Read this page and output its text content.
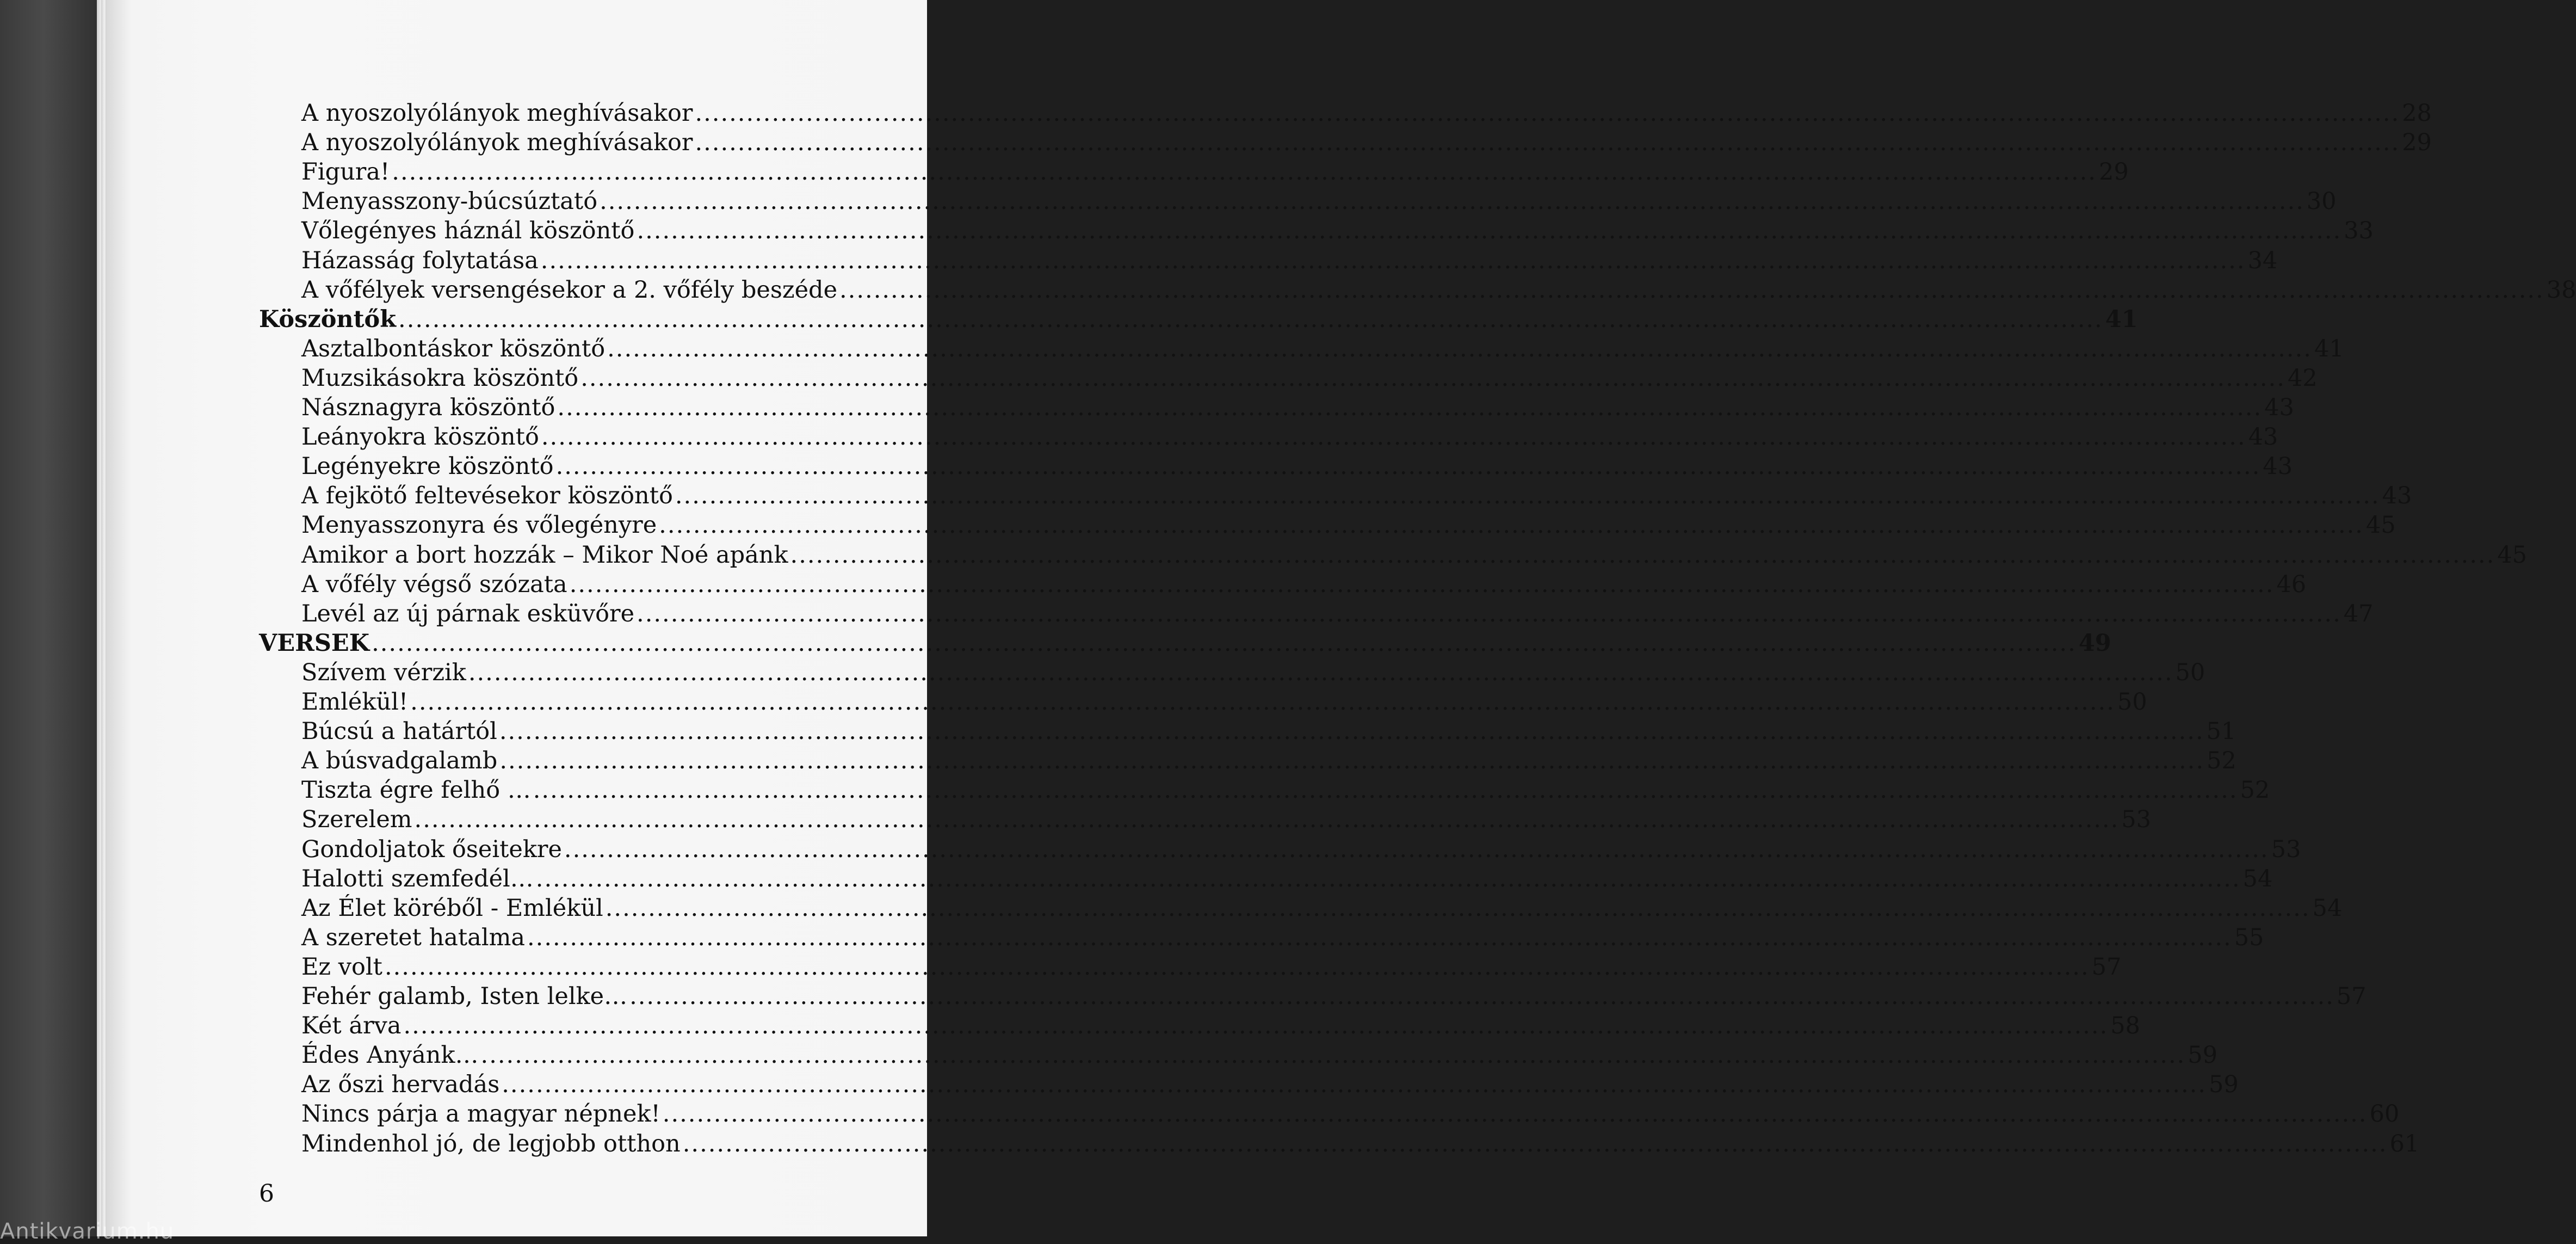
A nyoszolyólányok meghívásakor .....	28
A nyoszolyólányok meghívásakor .....	29
Figura! .....	29
Menyasszony-búcsúztató .....	30
Vőlegényes háznál köszöntő .....	33
Házasság folytatása .....	34
A vőfélyek versengésekor a 2. vőfély beszéde .....	38
Köszöntők .....	41
Asztalbontáskor köszöntő .....	41
Muzsikásokra köszöntő .....	42
Násznagyra köszöntő .....	43
Leányokra köszöntő .....	43
Legényekre köszöntő .....	43
A fejkötő feltevésekor köszöntő .....	43
Menyasszonyra és vőlegényre .....	45
Amikor a bort hozzák – Mikor Noé apánk .....	45
A vőfély végső szózata .....	46
Levél az új párnak esküvőre .....	47
VERSEK .....	49
Szívem vérzik .....	50
Emlékül! .....	50
Búcsú a határtól .....	51
A búsvadgalamb .....	52
Tiszta égre felhő … .....	52
Szerelem .....	53
Gondoljatok őseitekre .....	53
Halotti szemfedél… .....	54
Az Élet köréből - Emlékül .....	54
A szeretet hatalma .....	55
Ez volt .....	57
Fehér galamb, Isten lelke… .....	57
Két árva .....	58
Édes Anyánk… .....	59
Az őszi hervadás .....	59
Nincs párja a magyar népnek! .....	60
Mindenhol jó, de legjobb otthon .....	61
6
Antikvarium.hu
